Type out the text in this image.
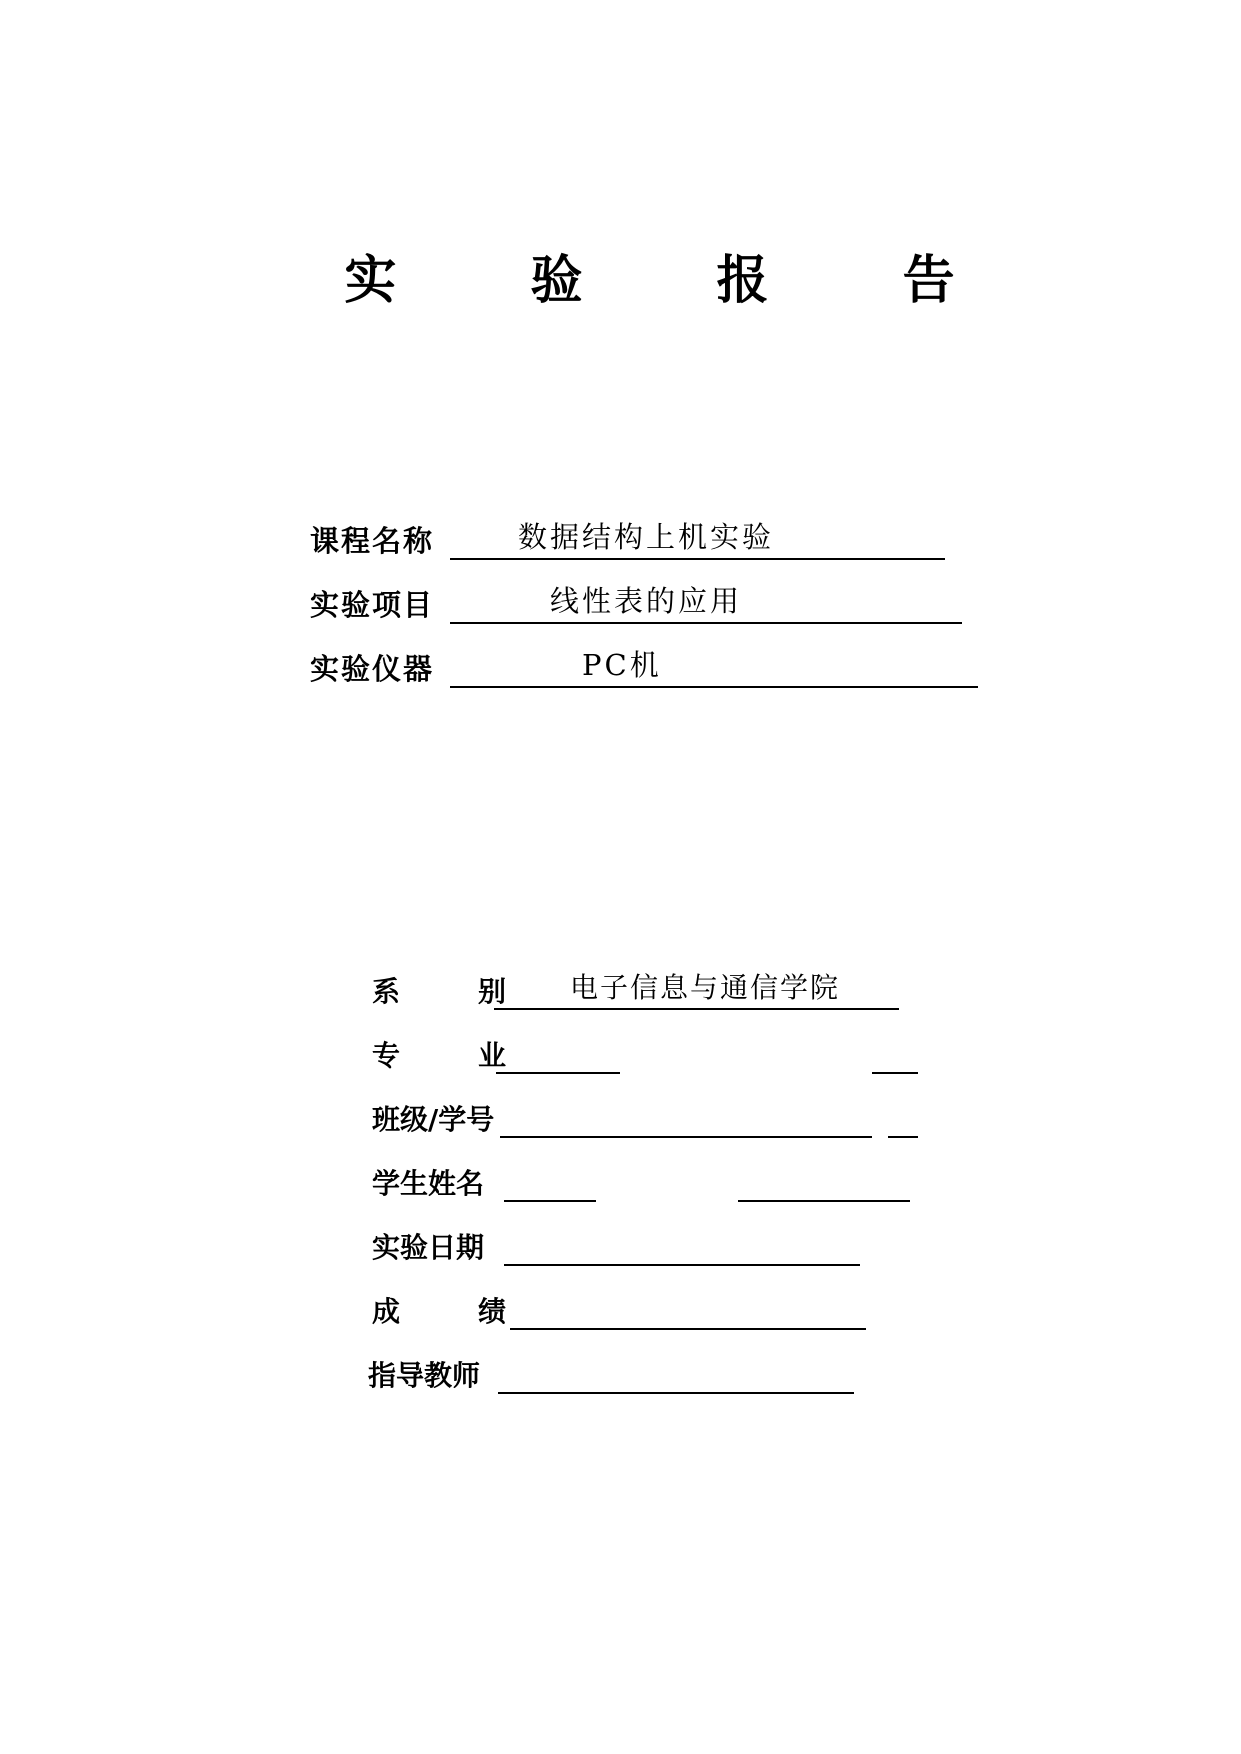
实 验 报 告
课程名称	数据结构上机实验
实验项目	线性表的应用
实验仪器	PC机
系        别 电子信息与通信学院
专        业
班级/学号
学生姓名
实验日期
成        绩
指导教师
